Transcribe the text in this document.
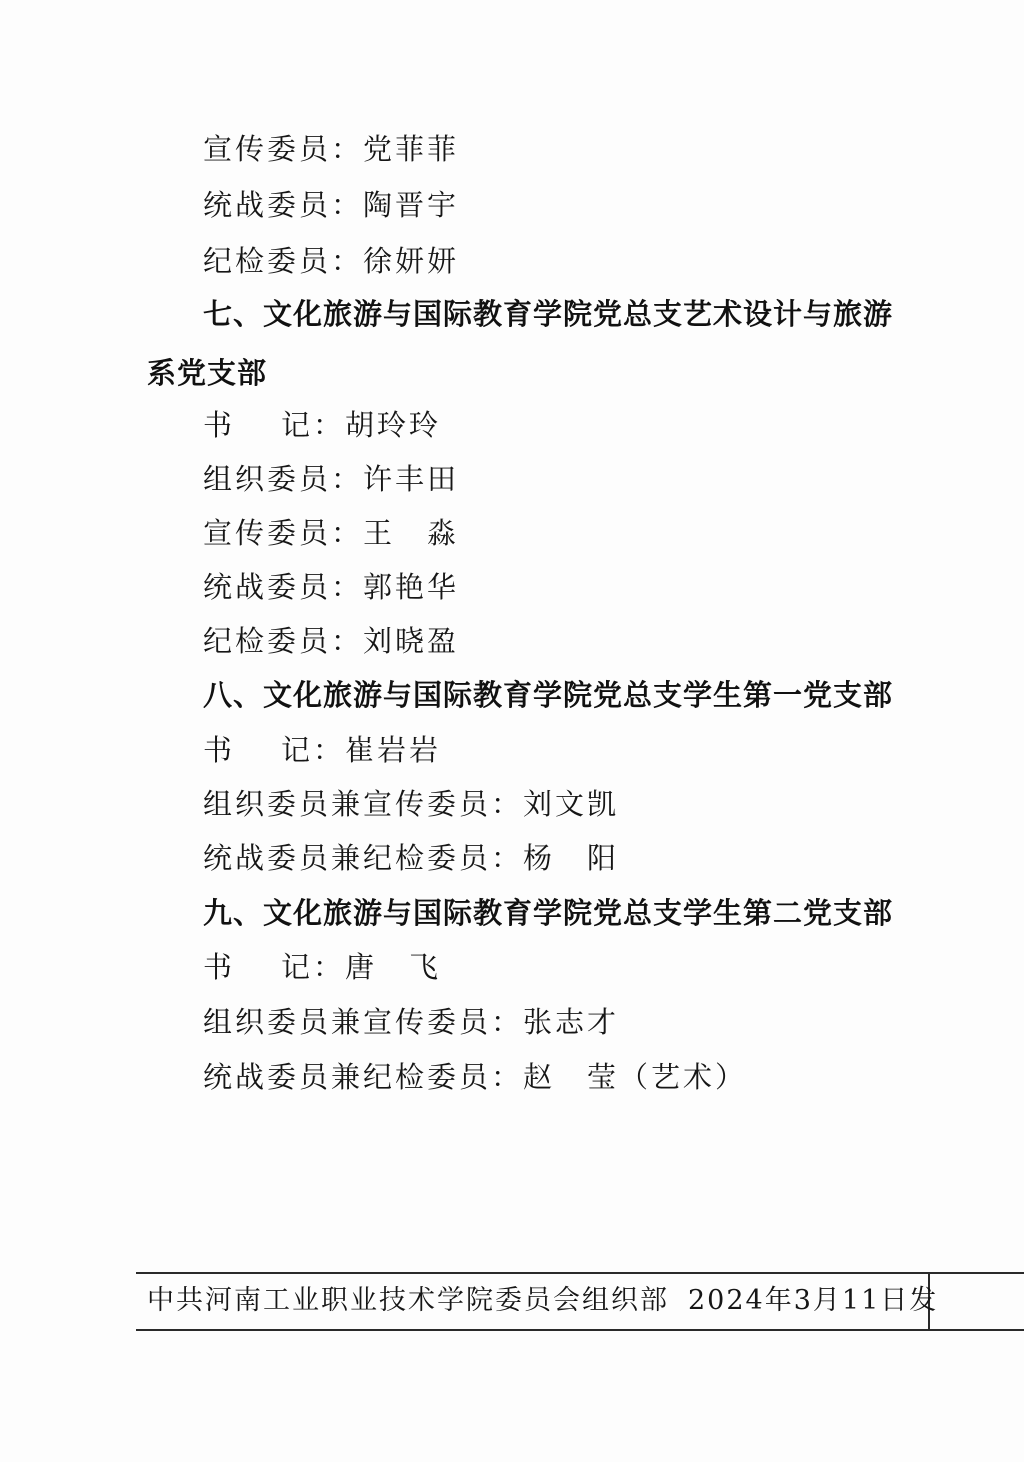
宣传委员：党菲菲
统战委员：陶晋宇
纪检委员：徐妍妍
七、文化旅游与国际教育学院党总支艺术设计与旅游
系党支部
书 记：胡玲玲
组织委员：许丰田
宣传委员：王　淼
统战委员：郭艳华
纪检委员：刘晓盈
八、文化旅游与国际教育学院党总支学生第一党支部
书 记：崔岩岩
组织委员兼宣传委员：刘文凯
统战委员兼纪检委员：杨　阳
九、文化旅游与国际教育学院党总支学生第二党支部
书 记：唐　飞
组织委员兼宣传委员：张志才
统战委员兼纪检委员：赵　莹（艺术）
中共河南工业职业技术学院委员会组织部 2024年3月11日发
